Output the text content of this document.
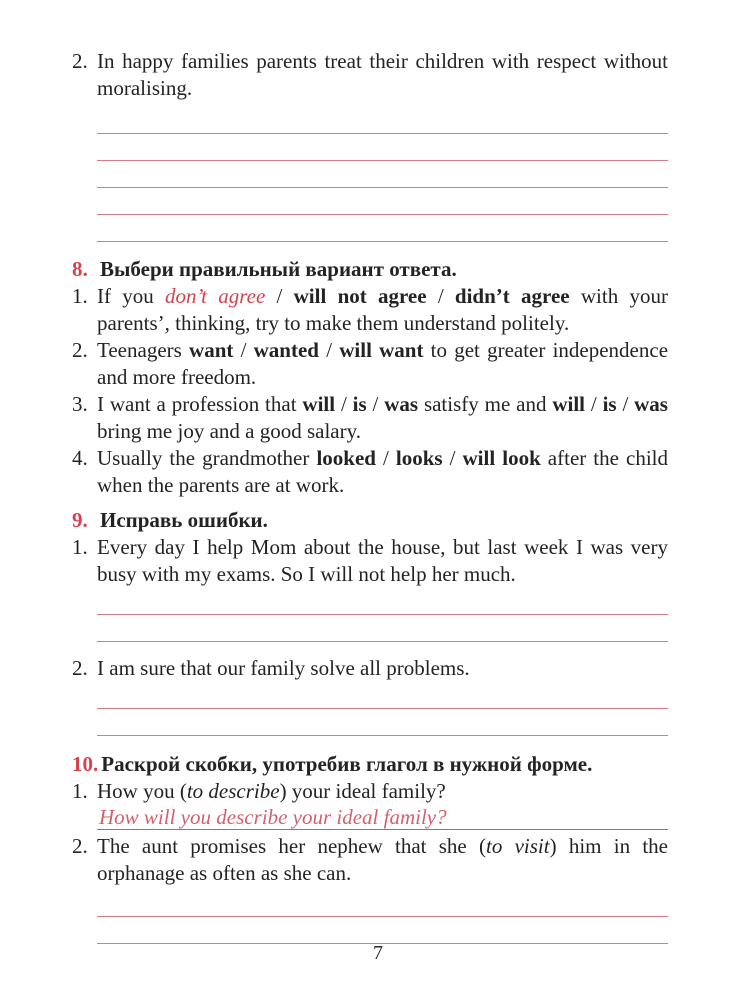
2. In happy families parents treat their children with respect without moralising.
8. Выбери правильный вариант ответа.
1. If you don’t agree / will not agree / didn’t agree with your parents’, thinking, try to make them understand politely.
2. Teenagers want / wanted / will want to get greater independence and more freedom.
3. I want a profession that will / is / was satisfy me and will / is / was bring me joy and a good salary.
4. Usually the grandmother looked / looks / will look after the child when the parents are at work.
9. Исправь ошибки.
1. Every day I help Mom about the house, but last week I was very busy with my exams. So I will not help her much.
2. I am sure that our family solve all problems.
10. Раскрой скобки, употребив глагол в нужной форме.
1. How you (to describe) your ideal family?
How will you describe your ideal family?
2. The aunt promises her nephew that she (to visit) him in the orphanage as often as she can.
7
